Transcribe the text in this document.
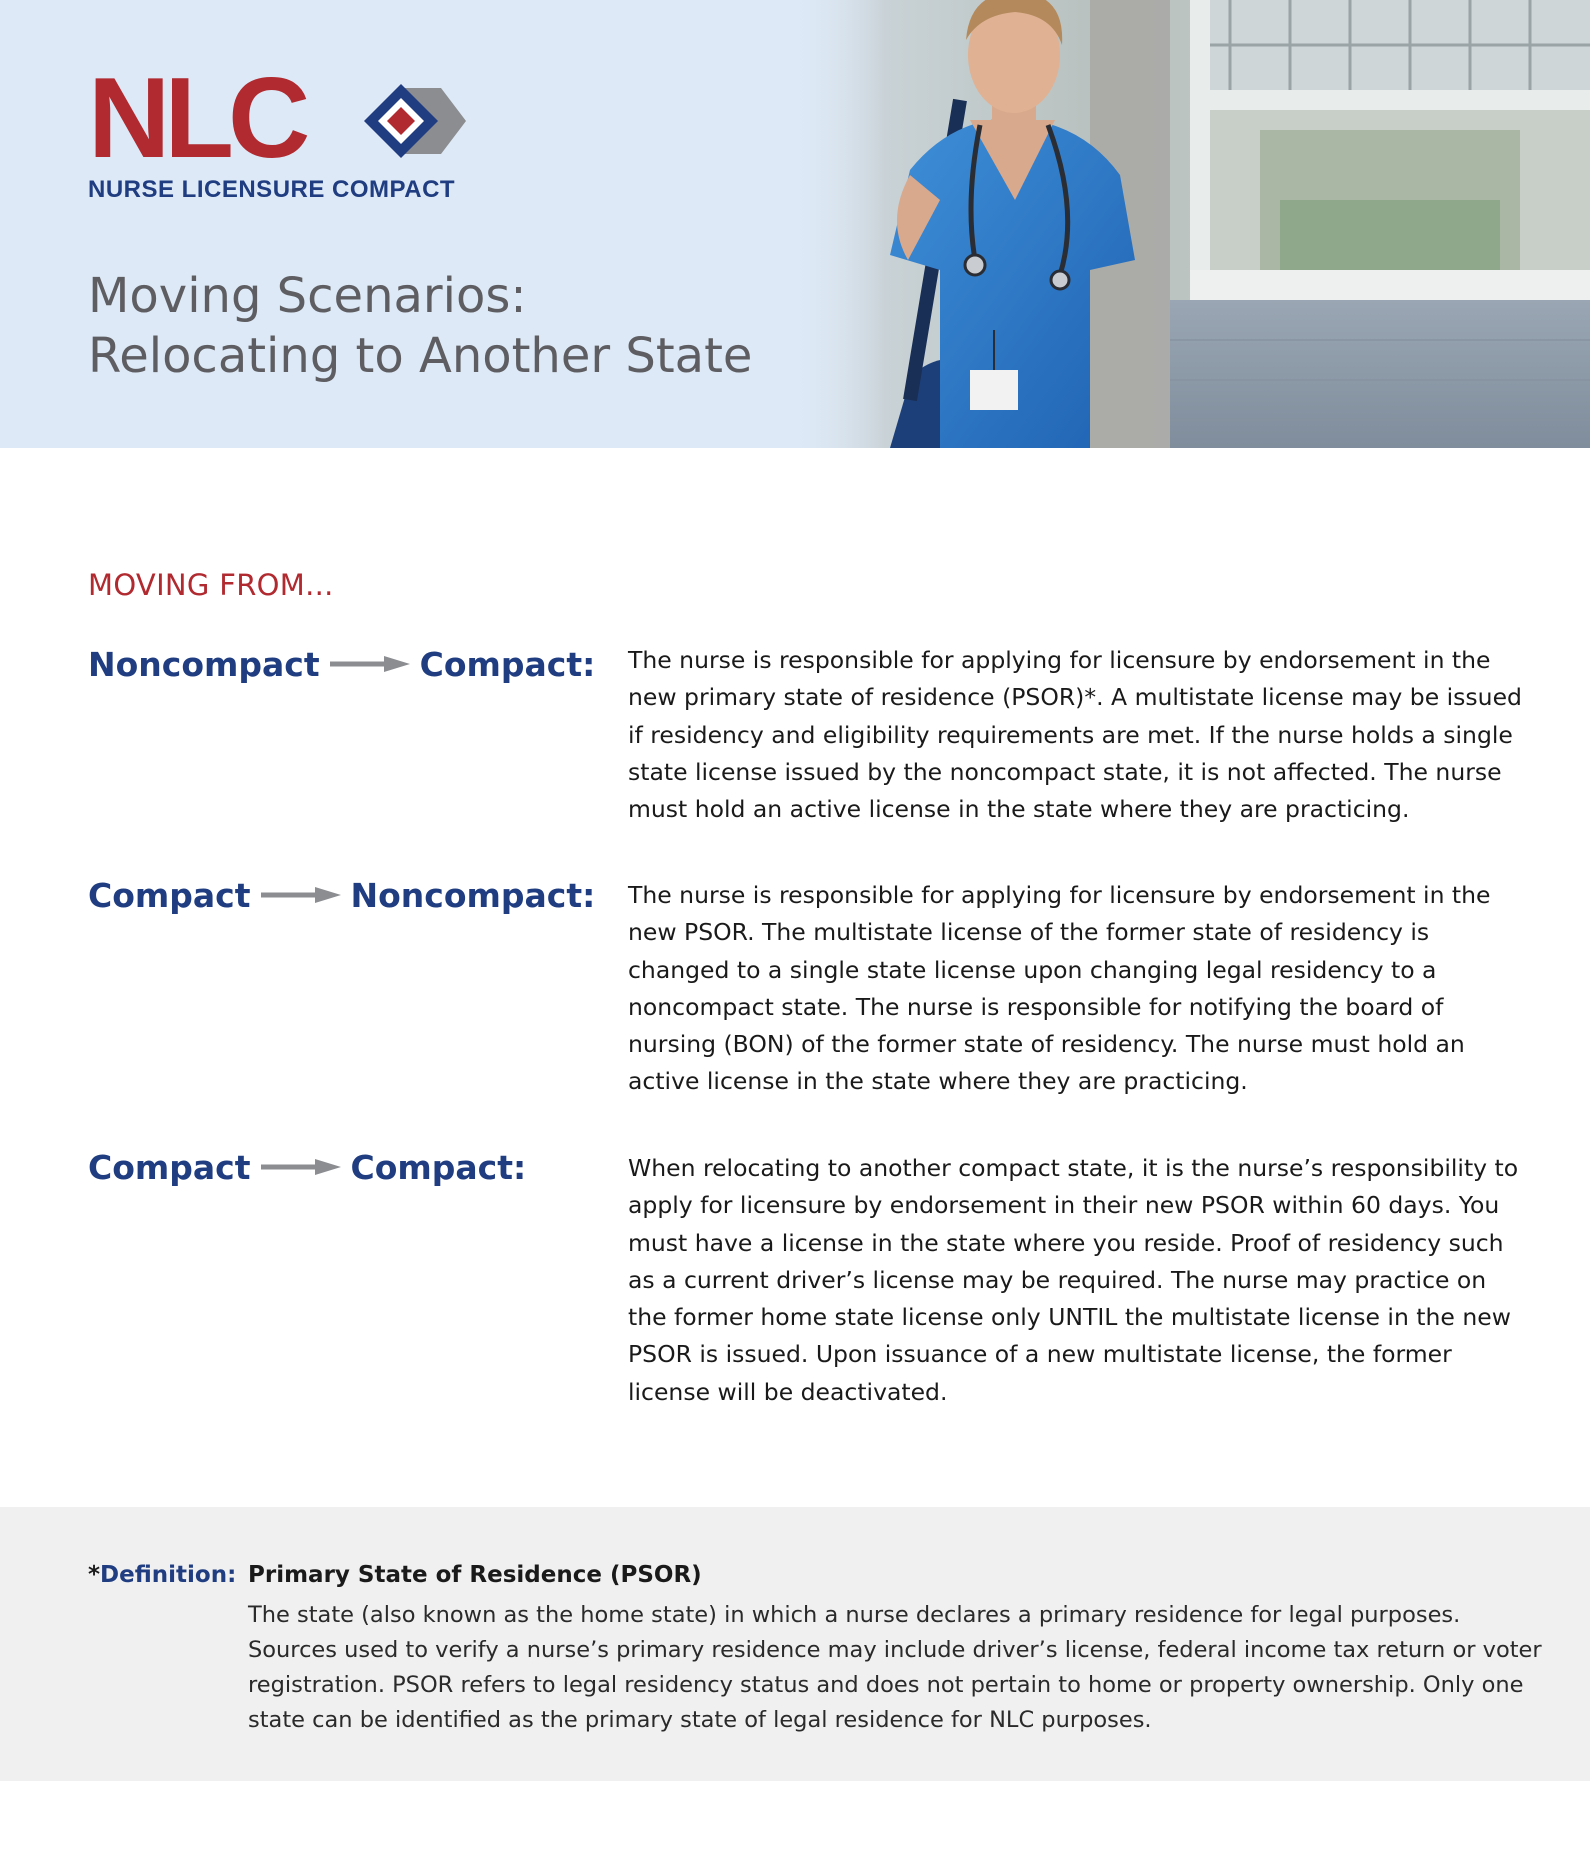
NLC
NURSE LICENSURE COMPACT
Moving Scenarios:
Relocating to Another State
MOVING FROM...
Noncompact	Compact: The nurse is responsible for applying for licensure by endorsement in the new primary state of residence (PSOR)*. A multistate license may be issued if residency and eligibility requirements are met. If the nurse holds a single state license issued by the noncompact state, it is not affected. The nurse must hold an active license in the state where they are practicing.

Compact	Noncompact: The nurse is responsible for applying for licensure by endorsement in the new PSOR. The multistate license of the former state of residency is changed to a single state license upon changing legal residency to a noncompact state. The nurse is responsible for notifying the board of nursing (BON) of the former state of residency. The nurse must hold an active license in the state where they are practicing.

Compact	Compact:	When relocating to another compact state, it is the nurse’s responsibility to apply for licensure by endorsement in their new PSOR within 60 days. You must have a license in the state where you reside. Proof of residency such as a current driver’s license may be required. The nurse may practice on the former home state license only UNTIL the multistate license in the new PSOR is issued. Upon issuance of a new multistate license, the former license will be deactivated.

*Definition: Primary State of Residence (PSOR)

The state (also known as the home state) in which a nurse declares a primary residence for legal purposes. Sources used to verify a nurse’s primary residence may include driver’s license, federal income tax return or voter registration. PSOR refers to legal residency status and does not pertain to home or property ownership. Only one state can be identified as the primary state of legal residence for NLC purposes.
